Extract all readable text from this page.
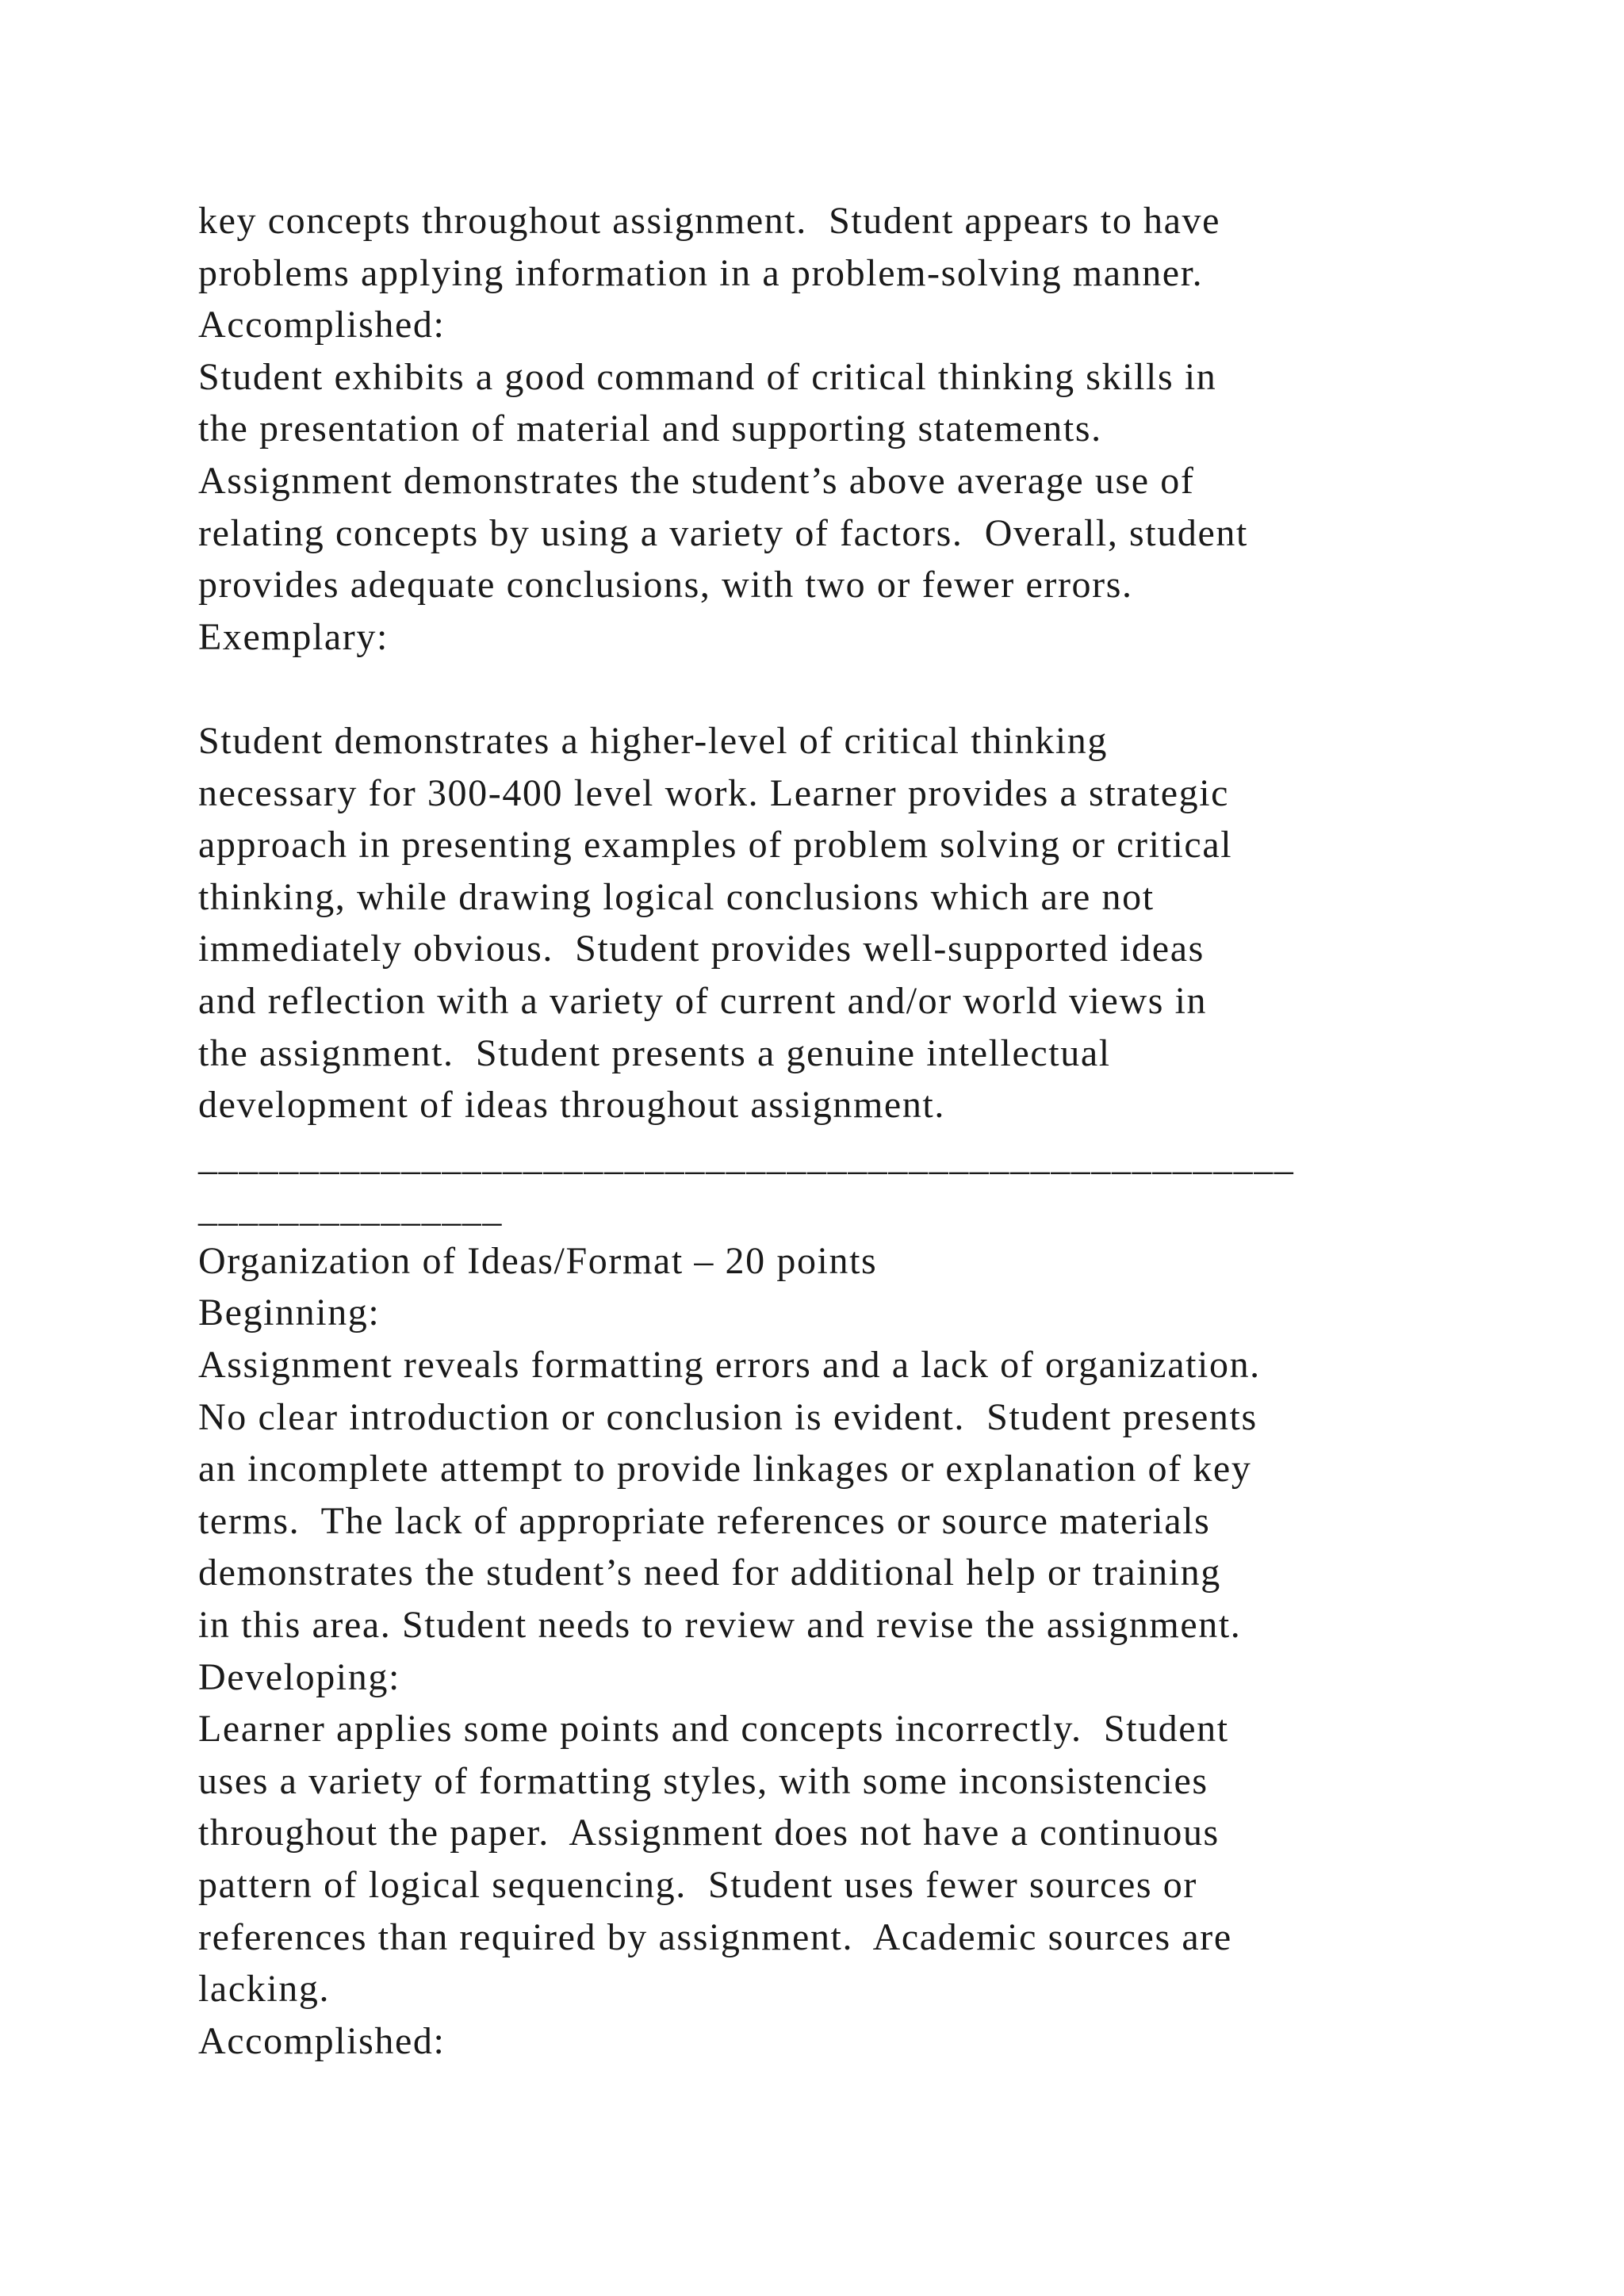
key concepts throughout assignment.  Student appears to have
problems applying information in a problem-solving manner.
Accomplished:
Student exhibits a good command of critical thinking skills in
the presentation of material and supporting statements.
Assignment demonstrates the student’s above average use of
relating concepts by using a variety of factors.  Overall, student
provides adequate conclusions, with two or fewer errors.
Exemplary:
Student demonstrates a higher-level of critical thinking
necessary for 300-400 level work. Learner provides a strategic
approach in presenting examples of problem solving or critical
thinking, while drawing logical conclusions which are not
immediately obvious.  Student provides well-supported ideas
and reflection with a variety of current and/or world views in
the assignment.  Student presents a genuine intellectual
development of ideas throughout assignment.
______________________________________________________
_______________
Organization of Ideas/Format – 20 points
Beginning:
Assignment reveals formatting errors and a lack of organization.
No clear introduction or conclusion is evident.  Student presents
an incomplete attempt to provide linkages or explanation of key
terms.  The lack of appropriate references or source materials
demonstrates the student’s need for additional help or training
in this area. Student needs to review and revise the assignment.
Developing:
Learner applies some points and concepts incorrectly.  Student
uses a variety of formatting styles, with some inconsistencies
throughout the paper.  Assignment does not have a continuous
pattern of logical sequencing.  Student uses fewer sources or
references than required by assignment.  Academic sources are
lacking.
Accomplished:
